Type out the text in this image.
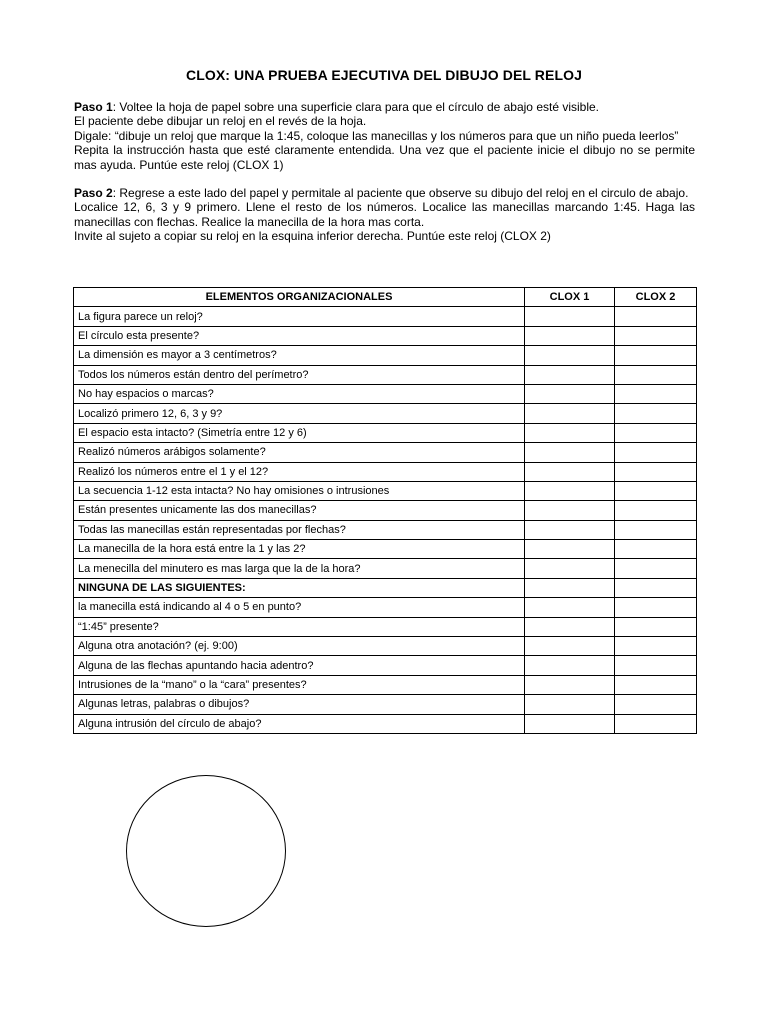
CLOX: UNA PRUEBA EJECUTIVA DEL DIBUJO DEL RELOJ

Paso 1: Voltee la hoja de papel sobre una superficie clara para que el círculo de abajo esté visible.

El paciente debe dibujar un reloj en el revés de la hoja.

Digale: “dibuje un reloj que marque la 1:45, coloque las manecillas y los números para que un niño pueda leerlos”

Repita la instrucción hasta que esté claramente entendida. Una vez que el paciente inicie el dibujo no se permite mas ayuda. Puntúe este reloj (CLOX 1)

Paso 2: Regrese a este lado del papel y permitale al paciente que observe su dibujo del reloj en el circulo de abajo.

Localice 12, 6, 3 y 9 primero. Llene el resto de los números. Localice las manecillas marcando 1:45. Haga las manecillas con flechas. Realice la manecilla de la hora mas corta.

Invite al sujeto a copiar su reloj en la esquina inferior derecha. Puntúe este reloj (CLOX 2)

ELEMENTOS ORGANIZACIONALES	CLOX 1	CLOX 2
La figura parece un reloj?		
El círculo esta presente?		
La dimensión es mayor a 3 centímetros?		
Todos los números están dentro del perímetro?		
No hay espacios o marcas?		
Localizó primero 12, 6, 3 y 9?		
El espacio esta intacto? (Simetría entre 12 y 6)		
Realizó números arábigos solamente?		
Realizó los números entre el 1 y el 12?		
La secuencia 1-12 esta intacta? No hay omisiones o intrusiones		
Están presentes unicamente las dos manecillas?		
Todas las manecillas están representadas por flechas?		
La manecilla de la hora está entre la 1 y las 2?		
La menecilla del minutero es mas larga que la de la hora?		
NINGUNA DE LAS SIGUIENTES:		
la manecilla está indicando al 4 o 5 en punto?		
“1:45” presente?		
Alguna otra anotación? (ej. 9:00)		
Alguna de las flechas apuntando hacia adentro?		
Intrusiones de la “mano” o la “cara” presentes?		
Algunas letras, palabras o dibujos?		
Alguna intrusión del círculo de abajo?		
